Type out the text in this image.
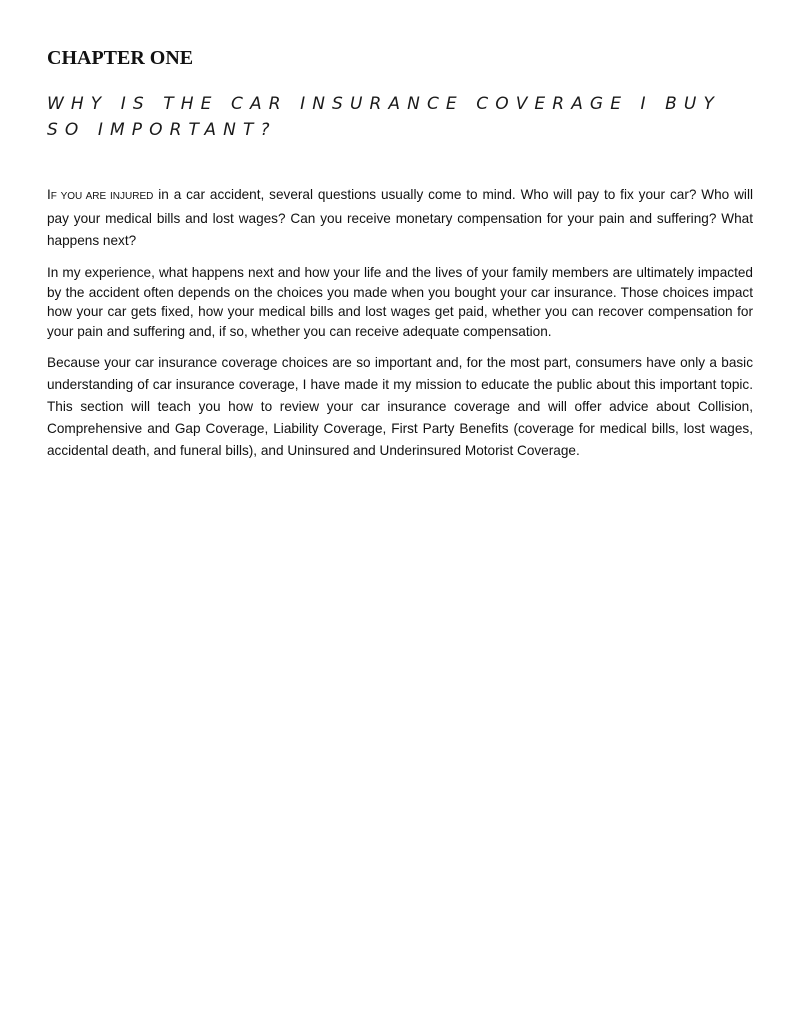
CHAPTER ONE
WHY IS THE CAR INSURANCE COVERAGE I BUY SO IMPORTANT?

IF YOU ARE INJURED in a car accident, several questions usually come to mind. Who will pay to fix your car? Who will pay your medical bills and lost wages? Can you receive monetary compensation for your pain and suffering? What happens next?

In my experience, what happens next and how your life and the lives of your family members are ultimately impacted by the accident often depends on the choices you made when you bought your car insurance. Those choices impact how your car gets fixed, how your medical bills and lost wages get paid, whether you can recover compensation for your pain and suffering and, if so, whether you can receive adequate compensation.

Because your car insurance coverage choices are so important and, for the most part, consumers have only a basic understanding of car insurance coverage, I have made it my mission to educate the public about this important topic. This section will teach you how to review your car insurance coverage and will offer advice about Collision, Comprehensive and Gap Coverage, Liability Coverage, First Party Benefits (coverage for medical bills, lost wages, accidental death, and funeral bills), and Uninsured and Underinsured Motorist Coverage.
